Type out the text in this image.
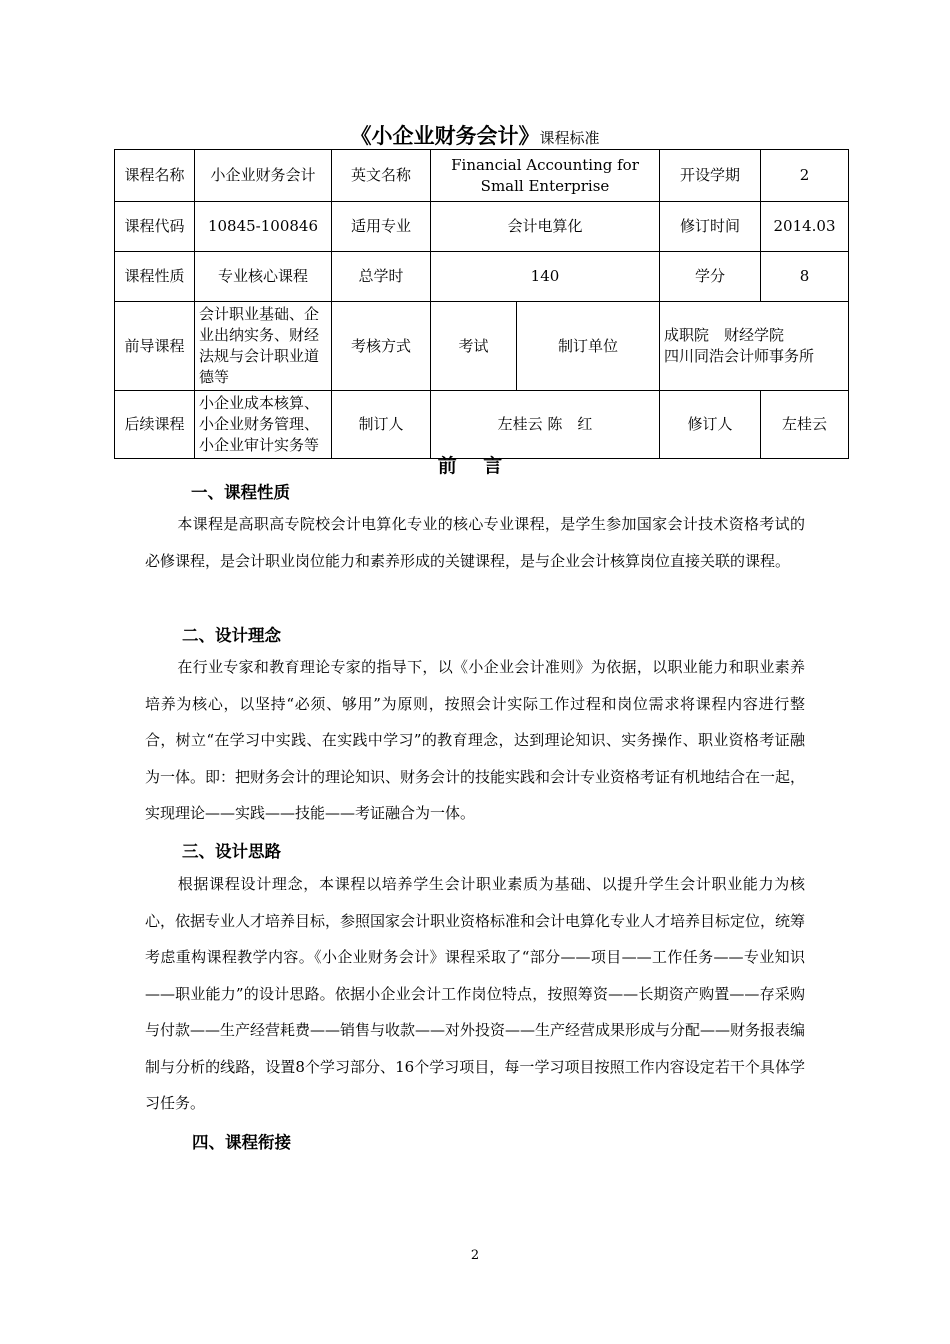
《小企业财务会计》课程标准
课程名称	小企业财务会计	英文名称	Financial Accounting for Small Enterprise		开设学期	2
课程代码	10845-100846	适用专业	会计电算化		修订时间	2014.03
课程性质	专业核心课程	总学时	140		学分	8
前导课程	会计职业基础、企业出纳实务、财经法规与会计职业道德等	考核方式	考试	制订单位	成职院　财经学院
四川同浩会计师事务所	

后续课程	小企业成本核算、小企业财务管理、小企业审计实务等	制订人	左桂云 陈　红		修订人	左桂云
前 言
一、课程性质

本课程是高职高专院校会计电算化专业的核心专业课程，是学生参加国家会计技术资格考试的必修课程，是会计职业岗位能力和素养形成的关键课程，是与企业会计核算岗位直接关联的课程。

二、设计理念

在行业专家和教育理论专家的指导下，以《小企业会计准则》为依据，以职业能力和职业素养培养为核心，以坚持“必须、够用”为原则，按照会计实际工作过程和岗位需求将课程内容进行整合，树立“在学习中实践、在实践中学习”的教育理念，达到理论知识、实务操作、职业资格考证融为一体。即：把财务会计的理论知识、财务会计的技能实践和会计专业资格考证有机地结合在一起，实现理论——实践——技能——考证融合为一体。

三、设计思路

根据课程设计理念，本课程以培养学生会计职业素质为基础、以提升学生会计职业能力为核心，依据专业人才培养目标，参照国家会计职业资格标准和会计电算化专业人才培养目标定位，统筹考虑重构课程教学内容。《小企业财务会计》课程采取了“部分——项目——工作任务——专业知识——职业能力”的设计思路。依据小企业会计工作岗位特点，按照筹资——长期资产购置——存采购与付款——生产经营耗费——销售与收款——对外投资——生产经营成果形成与分配——财务报表编制与分析的线路，设置8个学习部分、16个学习项目，每一学习项目按照工作内容设定若干个具体学习任务。

四、课程衔接
2
